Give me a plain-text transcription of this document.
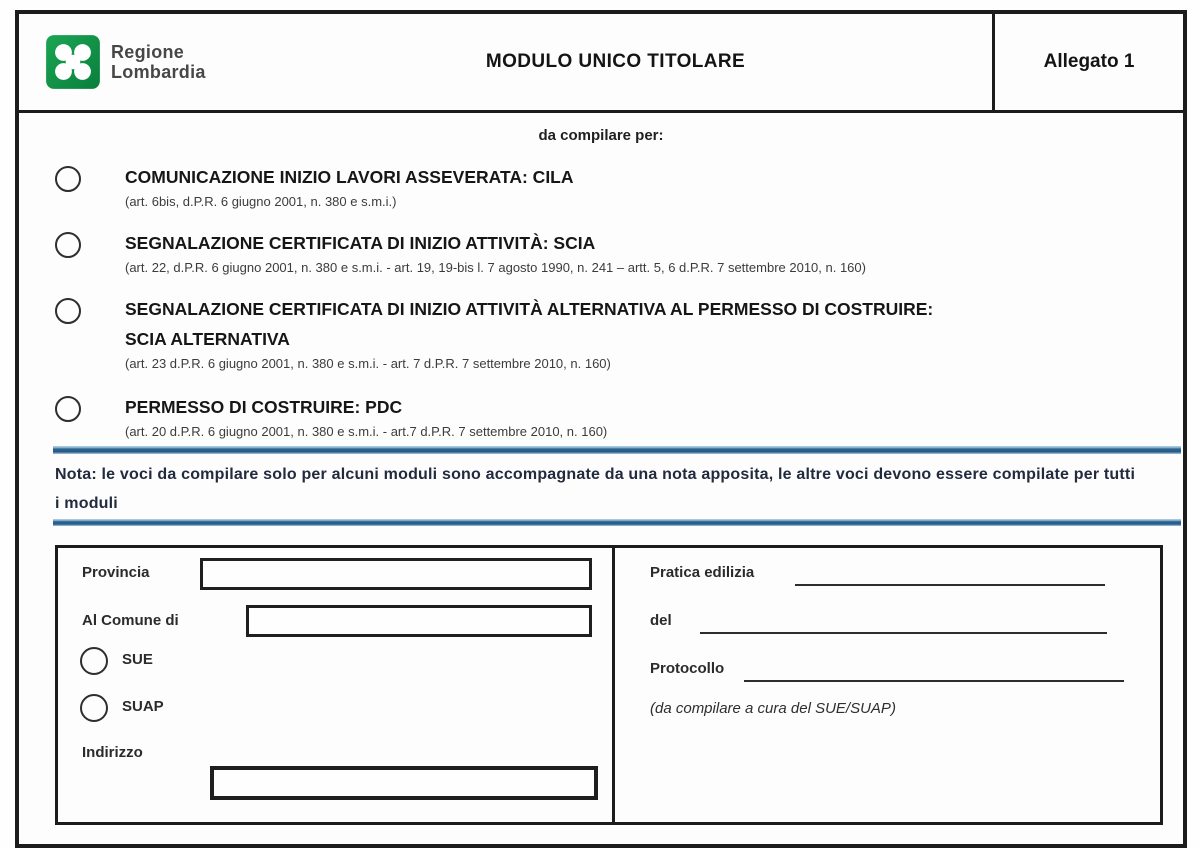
Regione
Lombardia	MODULO UNICO TITOLARE	Allegato 1
da compilare per:
COMUNICAZIONE INIZIO LAVORI ASSEVERATA: CILA
(art. 6bis, d.P.R. 6 giugno 2001, n. 380 e s.m.i.)
SEGNALAZIONE CERTIFICATA DI INIZIO ATTIVITÀ: SCIA
(art. 22, d.P.R. 6 giugno 2001, n. 380 e s.m.i. - art. 19, 19-bis l. 7 agosto 1990, n. 241 – artt. 5, 6 d.P.R. 7 settembre 2010, n. 160)
SEGNALAZIONE CERTIFICATA DI INIZIO ATTIVITÀ ALTERNATIVA AL PERMESSO DI COSTRUIRE:
SCIA ALTERNATIVA
(art. 23 d.P.R. 6 giugno 2001, n. 380 e s.m.i. - art. 7 d.P.R. 7 settembre 2010, n. 160)
PERMESSO DI COSTRUIRE: PDC
(art. 20 d.P.R. 6 giugno 2001, n. 380 e s.m.i. - art.7 d.P.R. 7 settembre 2010, n. 160)
Nota: le voci da compilare solo per alcuni moduli sono accompagnate da una nota apposita, le altre voci devono essere compilate per tutti i moduli
Provincia
Al Comune di
SUE
SUAP
Indirizzo
Pratica edilizia
del
Protocollo
(da compilare a cura del SUE/SUAP)
